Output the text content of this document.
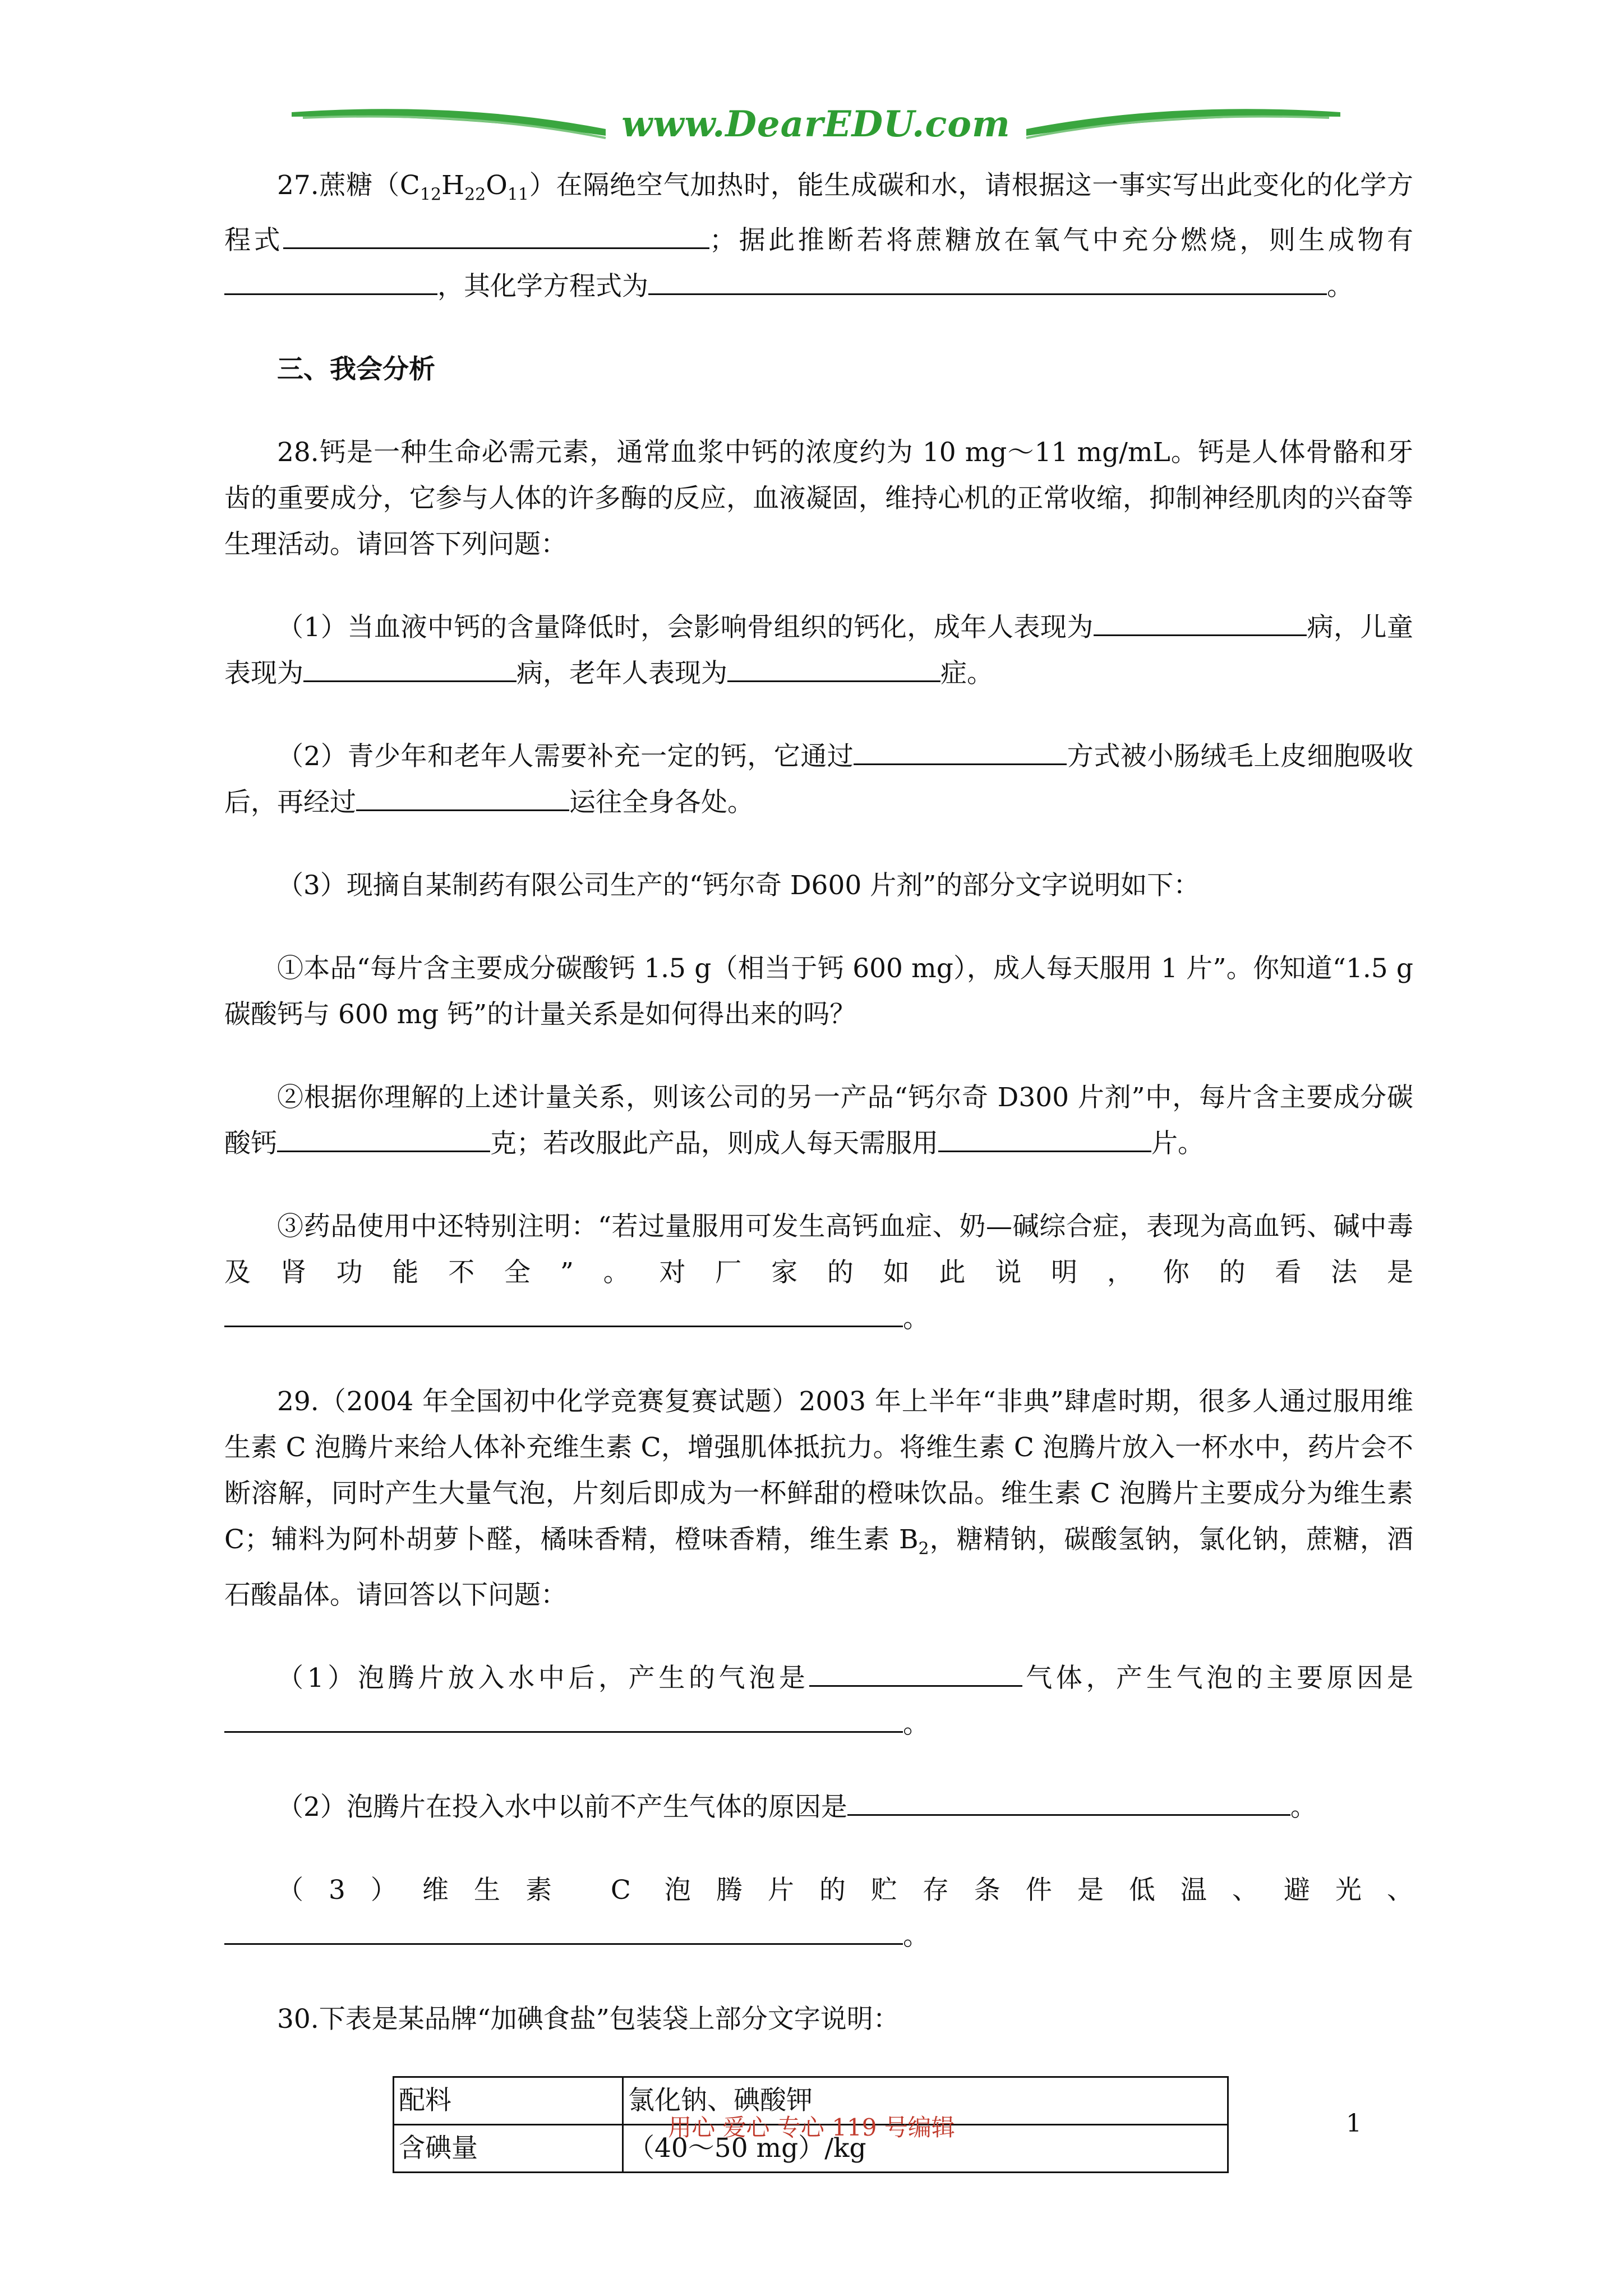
www.DearEDU.com

27.蔗糖$(C_{12}H_{22}O_{11})$在隔绝空气加热时，能生成碳和水，请根据这一事实写出此变化的化学方程式	；据此推断若将蔗糖放在氧气中充分燃烧，则生成物有，其化学方程式为	。

三、我会分析

28.钙是一种生命必需元素，通常血浆中钙的浓度约为 10 mg～11 mg/mL。钙是人体骨骼和牙齿的重要成分，它参与人体的许多酶的反应，血液凝固，维持心机的正常收缩，抑制神经肌肉的兴奋等生理活动。请回答下列问题：

（1）当血液中钙的含量降低时，会影响骨组织的钙化，成年人表现为	病，儿童表现为	病，老年人表现为	症。

（2）青少年和老年人需要补充一定的钙，它通过	方式被小肠绒毛上皮细胞吸收后，再经过	运往全身各处。

（3）现摘自某制药有限公司生产的“钙尔奇 D600 片剂”的部分文字说明如下：

①本品“每片含主要成分碳酸钙 1.5 g（相当于钙 600 mg），成人每天服用 1 片”。你知道“1.5 g 碳酸钙与 600 mg 钙”的计量关系是如何得出来的吗？

②根据你理解的上述计量关系，则该公司的另一产品“钙尔奇 D300 片剂”中，每片含主要成分碳酸钙	克；若改服此产品，则成人每天需服用	片。

③药品使用中还特别注明：“若过量服用可发生高钙血症、奶—碱综合症，表现为高血钙、碱中毒及肾功能不全”。对厂家的如此说明，你的看法是。

29.（2004 年全国初中化学竞赛复赛试题）2003 年上半年“非典”肆虐时期，很多人通过服用维生素 C 泡腾片来给人体补充维生素 C，增强肌体抵抗力。将维生素 C 泡腾片放入一杯水中，药片会不断溶解，同时产生大量气泡，片刻后即成为一杯鲜甜的橙味饮品。维生素 C 泡腾片主要成分为维生素 C；辅料为阿朴胡萝卜醛，橘味香精，橙味香精，维生素 $B_2$，糖精钠，碳酸氢钠，氯化钠，蔗糖，酒石酸晶体。请回答以下问题：

（1）泡腾片放入水中后，产生的气泡是	气体，产生气泡的主要原因是。

（2）泡腾片在投入水中以前不产生气体的原因是	。

（3）维生素 C 泡腾片的贮存条件是低温、避光、。

30.下表是某品牌“加碘食盐”包装袋上部分文字说明：

配料	氯化钠、碘酸钾
含碘量	（40～50 mg）/kg
用心 爱心 专心 119 号编辑	1
